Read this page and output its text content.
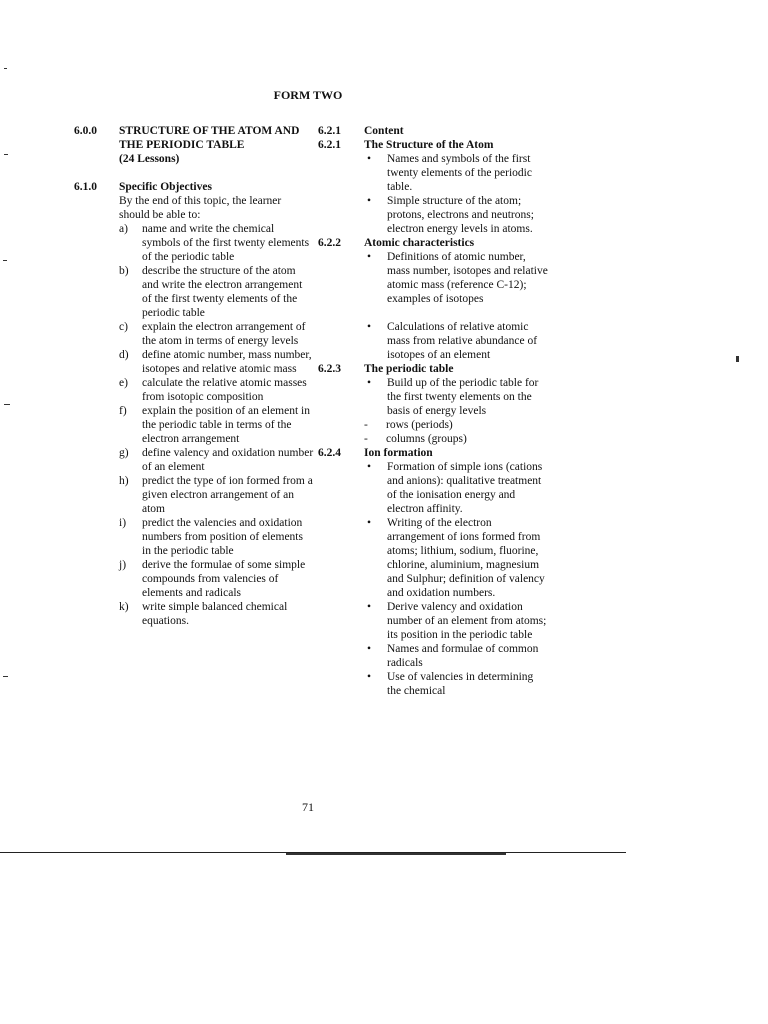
FORM TWO
6.0.0	STRUCTURE OF THE ATOM AND THE PERIODIC TABLE
(24 Lessons)
6.1.0	Specific Objectives
By the end of this topic, the learner should be able to:
a) name and write the chemical symbols of the first twenty elements of the periodic table
b) describe the structure of the atom and write the electron arrangement of the first twenty elements of the periodic table
c) explain the electron arrangement of the atom in terms of energy levels
d) define atomic number, mass number, isotopes and relative atomic mass
e) calculate the relative atomic masses from isotopic composition
f) explain the position of an element in the periodic table in terms of the electron arrangement
g) define valency and oxidation number of an element
h) predict the type of ion formed from a given electron arrangement of an atom
i) predict the valencies and oxidation numbers from position of elements in the periodic table
j) derive the formulae of some simple compounds from valencies of elements and radicals
k) write simple balanced chemical equations.
6.2.1	Content
6.2.1	The Structure of the Atom
• Names and symbols of the first twenty elements of the periodic table.
• Simple structure of the atom; protons, electrons and neutrons; electron energy levels in atoms.
6.2.2	Atomic characteristics
• Definitions of atomic number, mass number, isotopes and relative atomic mass (reference C-12); examples of isotopes
• Calculations of relative atomic mass from relative abundance of isotopes of an element
6.2.3	The periodic table
• Build up of the periodic table for the first twenty elements on the basis of energy levels
- rows (periods)
- columns (groups)
6.2.4	Ion formation
• Formation of simple ions (cations and anions): qualitative treatment of the ionisation energy and electron affinity.
• Writing of the electron arrangement of ions formed from atoms; lithium, sodium, fluorine, chlorine, aluminium, magnesium and Sulphur; definition of valency and oxidation numbers.
• Derive valency and oxidation number of an element from atoms; its position in the periodic table
• Names and formulae of common radicals
• Use of valencies in determining the chemical
71
